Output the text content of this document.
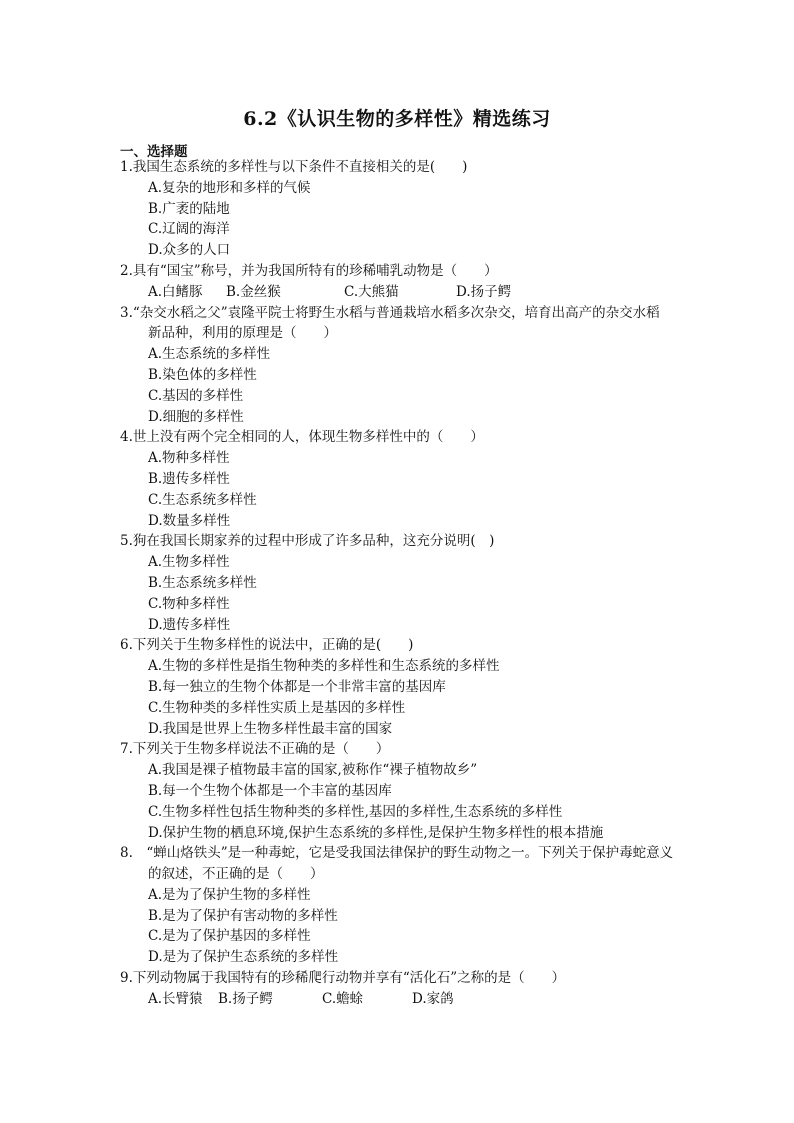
6.2《认识生物的多样性》精选练习
一、选择题
1.我国生态系统的多样性与以下条件不直接相关的是(　　)
A.复杂的地形和多样的气候
B.广袤的陆地
C.辽阔的海洋
D.众多的人口
2.具有“国宝”称号，并为我国所特有的珍稀哺乳动物是（　　）
A.白鳍豚	B.金丝猴	C.大熊猫	D.扬子鳄
3.“杂交水稻之父”袁隆平院士将野生水稻与普通栽培水稻多次杂交，培育出高产的杂交水稻
新品种，利用的原理是（　　）
A.生态系统的多样性
B.染色体的多样性
C.基因的多样性
D.细胞的多样性
4.世上没有两个完全相同的人，体现生物多样性中的（　　）
A.物种多样性
B.遗传多样性
C.生态系统多样性
D.数量多样性
5.狗在我国长期家养的过程中形成了许多品种，这充分说明(　)
A.生物多样性
B.生态系统多样性
C.物种多样性
D.遗传多样性
6.下列关于生物多样性的说法中，正确的是(　　)
A.生物的多样性是指生物种类的多样性和生态系统的多样性
B.每一独立的生物个体都是一个非常丰富的基因库
C.生物种类的多样性实质上是基因的多样性
D.我国是世界上生物多样性最丰富的国家
7.下列关于生物多样说法不正确的是（　　）
A.我国是裸子植物最丰富的国家,被称作“裸子植物故乡”
B.每一个生物个体都是一个丰富的基因库
C.生物多样性包括生物种类的多样性,基因的多样性,生态系统的多样性
D.保护生物的栖息环境,保护生态系统的多样性,是保护生物多样性的根本措施
8.　“蝉山烙铁头”是一种毒蛇，它是受我国法律保护的野生动物之一。下列关于保护毒蛇意义
的叙述，不正确的是（　　）
A.是为了保护生物的多样性
B.是为了保护有害动物的多样性
C.是为了保护基因的多样性
D.是为了保护生态系统的多样性
9.下列动物属于我国特有的珍稀爬行动物并享有“活化石”之称的是（　　）
A.长臂猿	B.扬子鳄	C.蟾蜍	D.家鸽
